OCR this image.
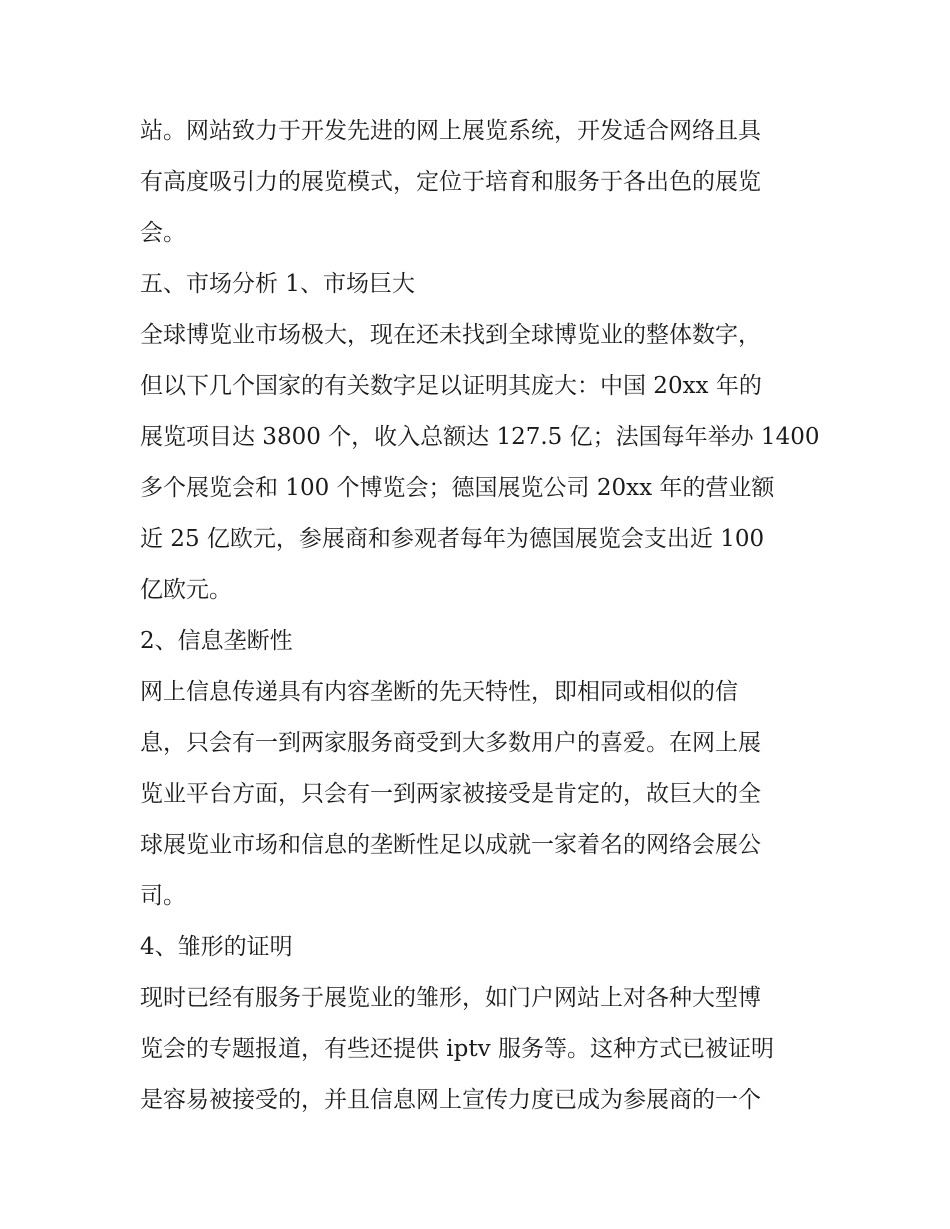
站。网站致力于开发先进的网上展览系统，开发适合网络且具
有高度吸引力的展览模式，定位于培育和服务于各出色的展览
会。
五、市场分析 1、市场巨大
全球博览业市场极大，现在还未找到全球博览业的整体数字，
但以下几个国家的有关数字足以证明其庞大：中国 20xx 年的
展览项目达 3800 个，收入总额达 127.5 亿；法国每年举办 1400
多个展览会和 100 个博览会；德国展览公司 20xx 年的营业额
近 25 亿欧元，参展商和参观者每年为德国展览会支出近 100
亿欧元。
2、信息垄断性
网上信息传递具有内容垄断的先天特性，即相同或相似的信
息，只会有一到两家服务商受到大多数用户的喜爱。在网上展
览业平台方面，只会有一到两家被接受是肯定的，故巨大的全
球展览业市场和信息的垄断性足以成就一家着名的网络会展公
司。
4、雏形的证明
现时已经有服务于展览业的雏形，如门户网站上对各种大型博
览会的专题报道，有些还提供 iptv 服务等。这种方式已被证明
是容易被接受的，并且信息网上宣传力度已成为参展商的一个
